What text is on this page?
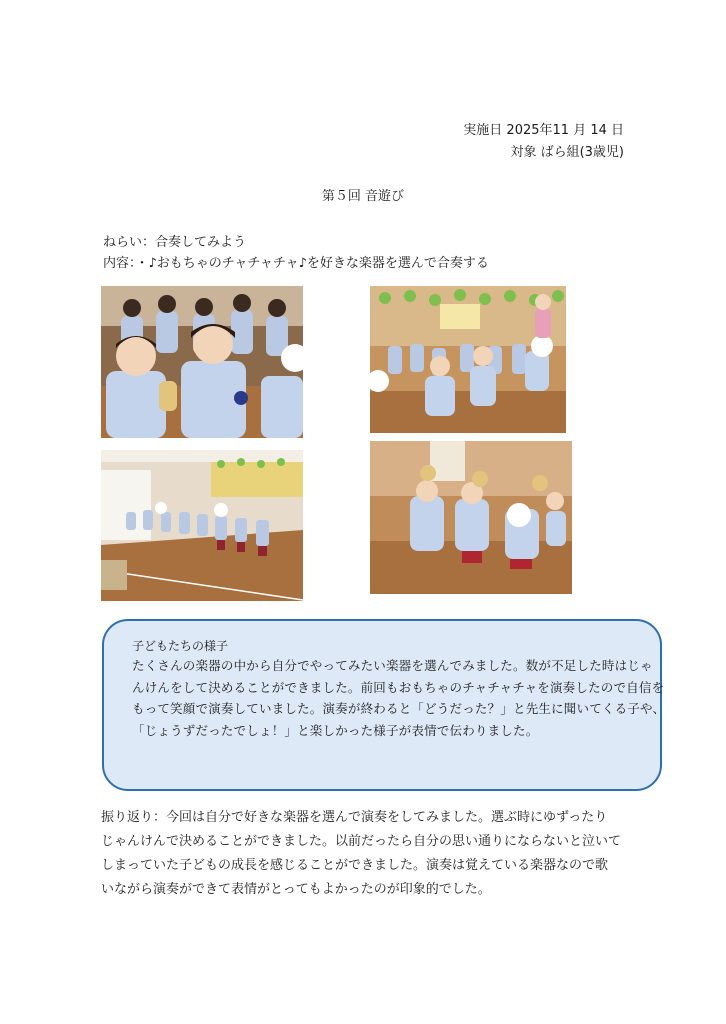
実施日 2025年11 月 14 日
対象 ばら組(3歳児)
第５回 音遊び
ねらい：合奏してみよう
内容：・♪おもちゃのチャチャチャ♪を好きな楽器を選んで合奏する
子どもたちの様子
たくさんの楽器の中から自分でやってみたい楽器を選んでみました。数が不足した時はじゃ
んけんをして決めることができました。前回もおもちゃのチャチャチャを演奏したので自信を
もって笑顔で演奏していました。演奏が終わると「どうだった？」と先生に聞いてくる子や、
「じょうずだったでしょ！」と楽しかった様子が表情で伝わりました。
振り返り：今回は自分で好きな楽器を選んで演奏をしてみました。選ぶ時にゆずったり
じゃんけんで決めることができました。以前だったら自分の思い通りにならないと泣いて
しまっていた子どもの成長を感じることができました。演奏は覚えている楽器なので歌
いながら演奏ができて表情がとってもよかったのが印象的でした。
